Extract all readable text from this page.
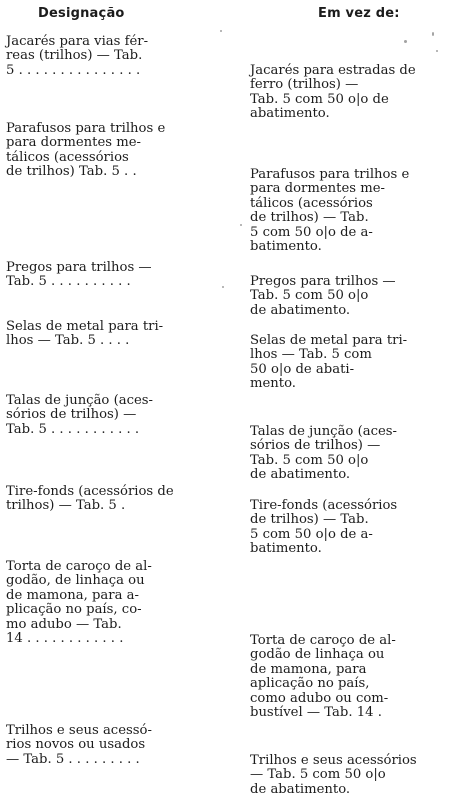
Designação	Em vez de:
Jacarés para vias fér-
reas (trilhos) — Tab.
5 . . . . . . . . . . . . . . .	Jacarés para estradas de
ferro (trilhos) —
Tab. 5 com 50 o|o de
abatimento.
Parafusos para trilhos e
para dormentes me-
tálicos (acessórios
de trilhos) Tab. 5 . .	Parafusos para trilhos e
para dormentes me-
tálicos (acessórios
de trilhos) — Tab.
5 com 50 o|o de a-
batimento.
Pregos para trilhos —
Tab. 5 . . . . . . . . . .	Pregos para trilhos —
Tab. 5 com 50 o|o
de abatimento.
Selas de metal para tri-
lhos — Tab. 5 . . . .	Selas de metal para tri-
lhos — Tab. 5 com
50 o|o de abati-
mento.
Talas de junção (aces-
sórios de trilhos) —
Tab. 5 . . . . . . . . . . .	Talas de junção (aces-
sórios de trilhos) —
Tab. 5 com 50 o|o
de abatimento.
Tire-fonds (acessórios de
trilhos) — Tab. 5 .	Tire-fonds (acessórios
de trilhos) — Tab.
5 com 50 o|o de a-
batimento.
Torta de caroço de al-
godão, de linhaça ou
de mamona, para a-
plicação no país, co-
mo adubo — Tab.
14 . . . . . . . . . . . .	Torta de caroço de al-
godão de linhaça ou
de mamona, para
aplicação no país,
como adubo ou com-
bustível — Tab. 14 .
Trilhos e seus acessó-
rios novos ou usados
— Tab. 5 . . . . . . . . .	Trilhos e seus acessórios
— Tab. 5 com 50 o|o
de abatimento.
